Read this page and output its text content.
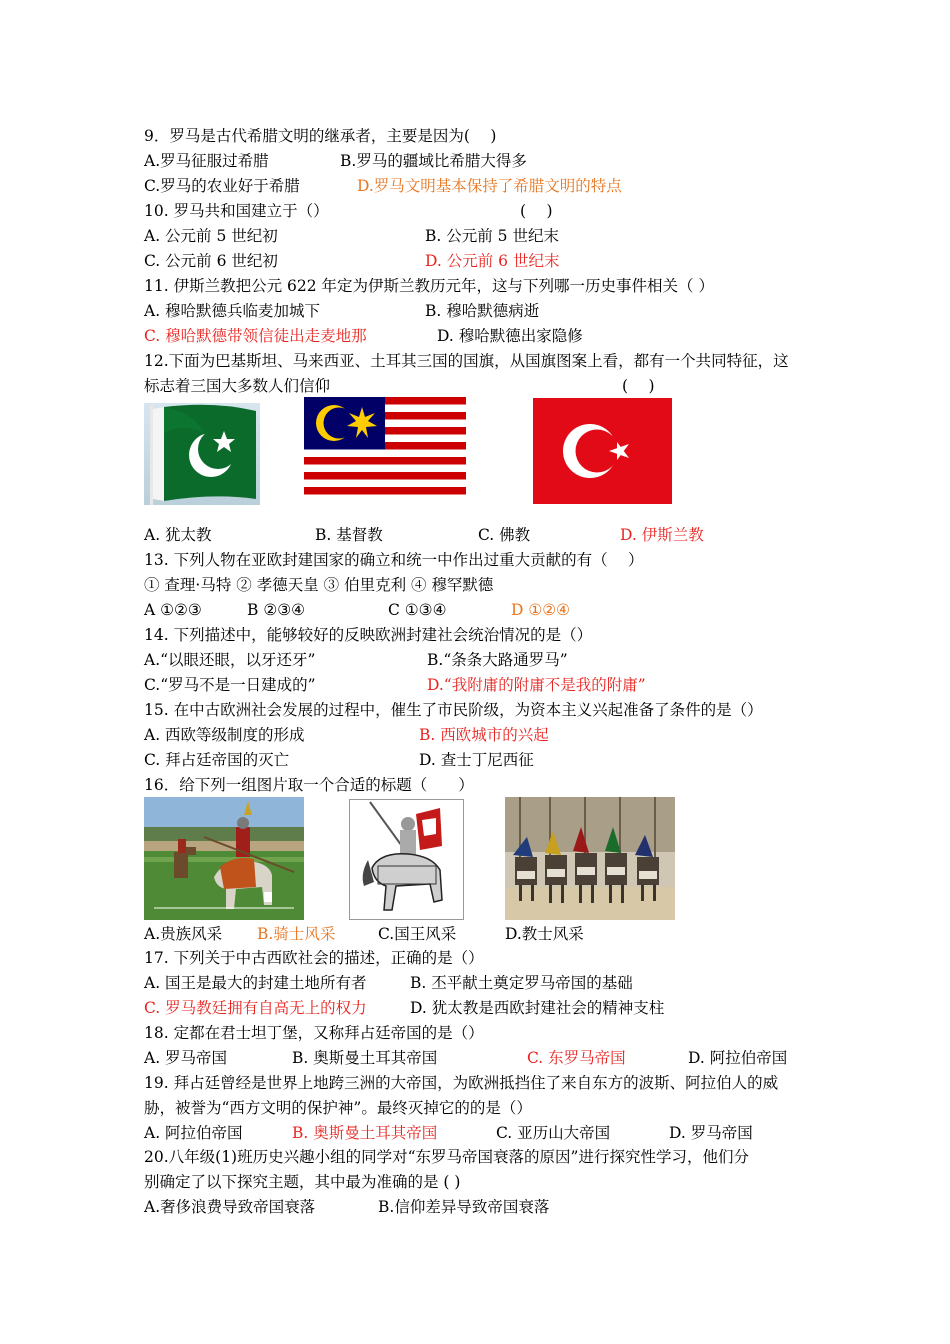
9．罗马是古代希腊文明的继承者，主要是因为(　 )
A.罗马征服过希腊	B.罗马的疆域比希腊大得多
C.罗马的农业好于希腊	D.罗马文明基本保持了希腊文明的特点
10. 罗马共和国建立于（）	(　 )
A. 公元前 5 世纪初	B. 公元前 5 世纪末
C. 公元前 6 世纪初	D. 公元前 6 世纪末
11. 伊斯兰教把公元 622 年定为伊斯兰教历元年，这与下列哪一历史事件相关（ ）
A. 穆哈默德兵临麦加城下	B. 穆哈默德病逝
C. 穆哈默德带领信徒出走麦地那	D. 穆哈默德出家隐修
12.下面为巴基斯坦、马来西亚、土耳其三国的国旗，从国旗图案上看，都有一个共同特征，这
标志着三国大多数人们信仰	(　 )
A. 犹太教	B. 基督教	C. 佛教	D. 伊斯兰教
13. 下列人物在亚欧封建国家的确立和统一中作出过重大贡献的有（　 ）
① 查理·马特 ② 孝德天皇 ③ 伯里克利 ④ 穆罕默德
A ①②③	B ②③④	C ①③④	D ①②④
14. 下列描述中，能够较好的反映欧洲封建社会统治情况的是（）
A.“以眼还眼，以牙还牙”	B.“条条大路通罗马”
C.“罗马不是一日建成的”	D.“我附庸的附庸不是我的附庸”
15. 在中古欧洲社会发展的过程中，催生了市民阶级，为资本主义兴起准备了条件的是（）
A. 西欧等级制度的形成	B. 西欧城市的兴起
C. 拜占廷帝国的灭亡	D. 查士丁尼西征
16．给下列一组图片取一个合适的标题（　　）
A.贵族风采 B.骑士风采	C.国王风采	D.教士风采
17. 下列关于中古西欧社会的描述，正确的是（）
A. 国王是最大的封建土地所有者	B. 丕平献土奠定罗马帝国的基础
C. 罗马教廷拥有自高无上的权力	D. 犹太教是西欧封建社会的精神支柱
18. 定都在君士坦丁堡，又称拜占廷帝国的是（）
A. 罗马帝国	B. 奥斯曼土耳其帝国	C. 东罗马帝国	D. 阿拉伯帝国
19. 拜占廷曾经是世界上地跨三洲的大帝国，为欧洲抵挡住了来自东方的波斯、阿拉伯人的威
胁，被誉为“西方文明的保护神”。最终灭掉它的的是（）
A. 阿拉伯帝国	B. 奥斯曼土耳其帝国	C. 亚历山大帝国	D. 罗马帝国
20.八年级(1)班历史兴趣小组的同学对“东罗马帝国衰落的原因”进行探究性学习，他们分
别确定了以下探究主题，其中最为准确的是 ( )
A.奢侈浪费导致帝国衰落	B.信仰差异导致帝国衰落
